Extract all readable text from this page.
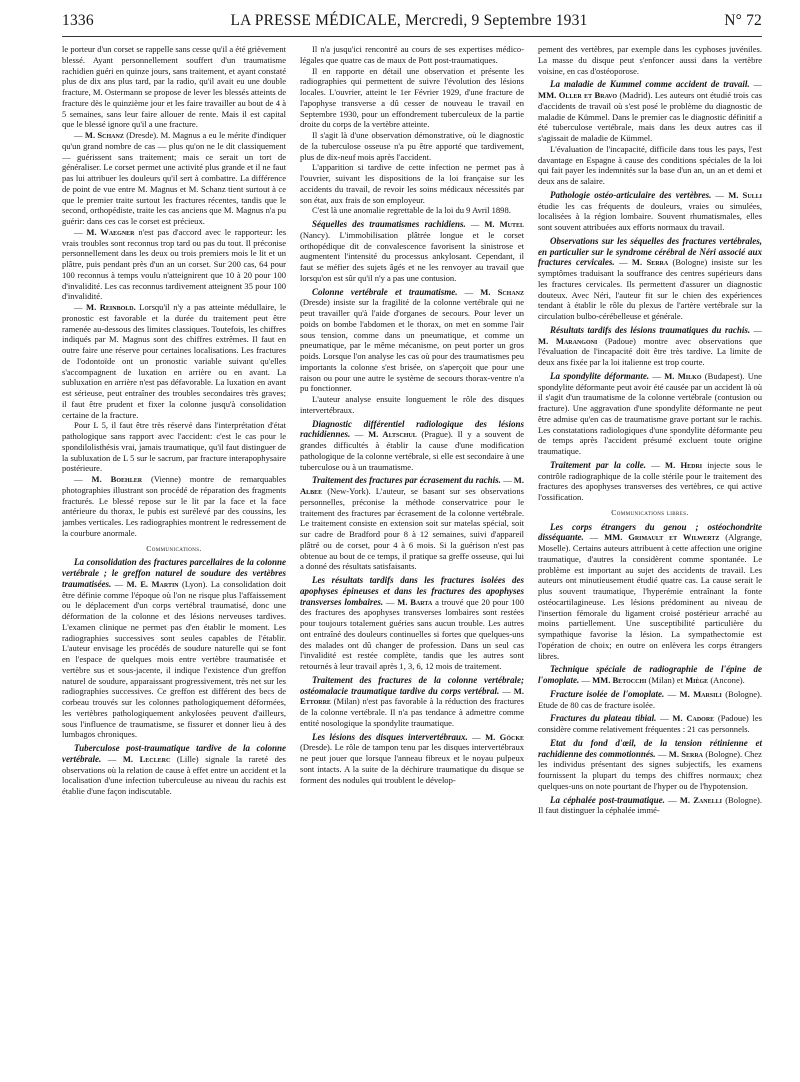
1336	LA PRESSE MÉDICALE, Mercredi, 9 Septembre 1931	N° 72

le porteur d'un corset se rappelle sans cesse qu'il a été grièvement blessé. Ayant personnellement souffert d'un traumatisme rachidien guéri en quinze jours, sans traitement, et ayant constaté plus de dix ans plus tard, par la radio, qu'il avait eu une double fracture, M. Ostermann se propose de lever les blessés atteints de fracture dès le quinzième jour et les faire travailler au bout de 4 à 5 semaines, sans leur faire allouer de rente. Mais il est capital que le blessé ignore qu'il a une fracture.

— M. Schanz (Dresde). M. Magnus a eu le mérite d'indiquer qu'un grand nombre de cas — plus qu'on ne le dit classiquement — guérissent sans traitement; mais ce serait un tort de généraliser. Le corset permet une activité plus grande et il ne faut pas lui attribuer les douleurs qu'il sert à combattre. La différence de point de vue entre M. Magnus et M. Schanz tient surtout à ce que le premier traite surtout les fractures récentes, tandis que le second, orthopédiste, traite les cas anciens que M. Magnus n'a pu guérir: dans ces cas le corset est précieux.

— M. Waegner n'est pas d'accord avec le rapporteur: les vrais troubles sont reconnus trop tard ou pas du tout. Il préconise personnellement dans les deux ou trois premiers mois le lit et un plâtre, puis pendant près d'un an un corset. Sur 200 cas, 64 pour 100 reconnus à temps voulu n'atteignirent que 10 à 20 pour 100 d'invalidité. Les cas reconnus tardivement atteignent 35 pour 100 d'invalidité.

— M. Reinbold. Lorsqu'il n'y a pas atteinte médullaire, le pronostic est favorable et la durée du traitement peut être ramenée au-dessous des limites classiques. Toutefois, les chiffres indiqués par M. Magnus sont des chiffres extrêmes. Il faut en outre faire une réserve pour certaines localisations. Les fractures de l'odontoïde ont un pronostic variable suivant qu'elles s'accompagnent de luxation en arrière ou en avant. La subluxation en arrière n'est pas défavorable. La luxation en avant est sérieuse, peut entraîner des troubles secondaires très graves; il faut être prudent et fixer la colonne jusqu'à consolidation certaine de la fracture.

Pour L 5, il faut être très réservé dans l'interprétation d'état pathologique sans rapport avec l'accident: c'est le cas pour le spondilolisthésis vrai, jamais traumatique, qu'il faut distinguer de la subluxation de L 5 sur le sacrum, par fracture interapophysaire postérieure.

— M. Boehler (Vienne) montre de remarquables photographies illustrant son procédé de réparation des fragments fracturés. Le blessé repose sur le lit par la face et la face antérieure du thorax, le pubis est surélevé par des coussins, les jambes verticales. Les radiographies montrent le redressement de la courbure anormale.

Communications.

La consolidation des fractures parcellaires de la colonne vertébrale ; le greffon naturel de soudure des vertèbres traumatisées. — M. E. Martin (Lyon). La consolidation doit être définie comme l'époque où l'on ne risque plus l'affaissement ou le déplacement d'un corps vertébral traumatisé, donc une déformation de la colonne et des lésions nerveuses tardives. L'examen clinique ne permet pas d'en établir le moment. Les radiographies successives sont seules capables de l'établir. L'auteur envisage les procédés de soudure naturelle qui se font en l'espace de quelques mois entre vertèbre traumatisée et vertèbre sus et sous-jacente, il indique l'existence d'un greffon naturel de soudure, apparaissant progressivement, très net sur les radiographies successives. Ce greffon est différent des becs de corbeau trouvés sur les colonnes pathologiquement déformées, les vertèbres pathologiquement ankylosées peuvent d'ailleurs, sous l'influence de traumatisme, se fissurer et donner lieu à des lumbagos chroniques.

Tuberculose post-traumatique tardive de la colonne vertébrale. — M. Leclerc (Lille) signale la rareté des observations où la relation de cause à effet entre un accident et la localisation d'une infection tuberculeuse au niveau du rachis est établie d'une façon indiscutable.

Il n'a jusqu'ici rencontré au cours de ses expertises médico-légales que quatre cas de maux de Pott post-traumatiques.

Il en rapporte en détail une observation et présente les radiographies qui permettent de suivre l'évolution des lésions locales. L'ouvrier, atteint le 1er Février 1929, d'une fracture de l'apophyse transverse a dû cesser de nouveau le travail en Septembre 1930, pour un effondrement tuberculeux de la partie droite du corps de la vertèbre atteinte.

Il s'agit là d'une observation démonstrative, où le diagnostic de la tuberculose osseuse n'a pu être apporté que tardivement, plus de dix-neuf mois après l'accident.

L'apparition si tardive de cette infection ne permet pas à l'ouvrier, suivant les dispositions de la loi française sur les accidents du travail, de revoir les soins médicaux nécessités par son état, aux frais de son employeur.

C'est là une anomalie regrettable de la loi du 9 Avril 1898.

Séquelles des traumatismes rachidiens. — M. Mutel (Nancy). L'immobilisation plâtrée longue et le corset orthopédique dit de convalescence favorisent la sinistrose et augmentent l'intensité du processus ankylosant. Cependant, il faut se méfier des sujets âgés et ne les renvoyer au travail que lorsqu'on est sûr qu'il n'y a pas une contusion.

Colonne vertébrale et traumatisme. — M. Schanz (Dresde) insiste sur la fragilité de la colonne vertébrale qui ne peut travailler qu'à l'aide d'organes de secours. Pour lever un poids on bombe l'abdomen et le thorax, on met en somme l'air sous tension, comme dans un pneumatique, et comme un pneumatique, par le même mécanisme, on peut porter un gros poids. Lorsque l'on analyse les cas où pour des traumatismes peu importants la colonne s'est brisée, on s'aperçoit que pour une raison ou pour une autre le système de secours thorax-ventre n'a pu fonctionner.

L'auteur analyse ensuite longuement le rôle des disques intervertébraux.

Diagnostic différentiel radiologique des lésions rachidiennes. — M. Altschul (Prague). Il y a souvent de grandes difficultés à établir la cause d'une modification pathologique de la colonne vertébrale, si elle est secondaire à une tuberculose ou à un traumatisme.

Traitement des fractures par écrasement du rachis. — M. Albee (New-York). L'auteur, se basant sur ses observations personnelles, préconise la méthode conservatrice pour le traitement des fractures par écrasement de la colonne vertébrale. Le traitement consiste en extension soit sur matelas spécial, soit sur cadre de Bradford pour 8 à 12 semaines, suivi d'appareil plâtré ou de corset, pour 4 à 6 mois. Si la guérison n'est pas obtenue au bout de ce temps, il pratique sa greffe osseuse, qui lui a donné des résultats satisfaisants.

Les résultats tardifs dans les fractures isolées des apophyses épineuses et dans les fractures des apophyses transverses lombaires. — M. Barta a trouvé que 20 pour 100 des fractures des apophyses transverses lombaires sont restées pour toujours totalement guéries sans aucun trouble. Les autres ont entraîné des douleurs continuelles si fortes que quelques-uns des malades ont dû changer de profession. Dans un seul cas l'invalidité est restée complète, tandis que les autres sont retournés à leur travail après 1, 3, 6, 12 mois de traitement.

Traitement des fractures de la colonne vertébrale; ostéomalacie traumatique tardive du corps vertébral. — M. Ettorre (Milan) n'est pas favorable à la réduction des fractures de la colonne vertébrale. Il n'a pas tendance à admettre comme entité nosologique la spondylite traumatique.

Les lésions des disques intervertébraux. — M. Göcke (Dresde). Le rôle de tampon tenu par les disques intervertébraux ne peut jouer que lorsque l'anneau fibreux et le noyau pulpeux sont intacts. A la suite de la déchirure traumatique du disque se forment des nodules qui troublent le dévelop-

pement des vertèbres, par exemple dans les cyphoses juvéniles. La masse du disque peut s'enfoncer aussi dans la vertèbre voisine, en cas d'ostéoporose.

La maladie de Kummel comme accident de travail. — MM. Oller et Bravo (Madrid). Les auteurs ont étudié trois cas d'accidents de travail où s'est posé le problème du diagnostic de maladie de Kümmel. Dans le premier cas le diagnostic définitif a été tuberculose vertébrale, mais dans les deux autres cas il s'agissait de maladie de Kümmel.

L'évaluation de l'incapacité, difficile dans tous les pays, l'est davantage en Espagne à cause des conditions spéciales de la loi qui fait payer les indemnités sur la base d'un an, un an et demi et deux ans de salaire.

Pathologie ostéo-articulaire des vertèbres. — M. Sulli étudie les cas fréquents de douleurs, vraies ou simulées, localisées à la région lombaire. Souvent rhumatismales, elles sont souvent attribuées aux efforts normaux du travail.

Observations sur les séquelles des fractures vertébrales, en particulier sur le syndrome cérébral de Néri associé aux fractures cervicales. — M. Serra (Bologne) insiste sur les symptômes traduisant la souffrance des centres supérieurs dans les fractures cervicales. Ils permettent d'assurer un diagnostic douteux. Avec Néri, l'auteur fit sur le chien des expériences tendant à établir le rôle du plexus de l'artère vertébrale sur la circulation bulbo-cérébelleuse et générale.

Résultats tardifs des lésions traumatiques du rachis. — M. Marangoni (Padoue) montre avec observations que l'évaluation de l'incapacité doit être très tardive. La limite de deux ans fixée par la loi italienne est trop courte.

La spondylite déformante. — M. Milko (Budapest). Une spondylite déformante peut avoir été causée par un accident là où il s'agit d'un traumatisme de la colonne vertébrale (contusion ou fracture). Une aggravation d'une spondylite déformante ne peut être admise qu'en cas de traumatisme grave portant sur le rachis. Les constatations radiologiques d'une spondylite déformante peu de temps après l'accident présumé excluent toute origine traumatique.

Traitement par la colle. — M. Hedri injecte sous le contrôle radiographique de la colle stérile pour le traitement des fractures des apophyses transverses des vertèbres, ce qui active l'ossification.

Communications libres.

Les corps étrangers du genou ; ostéochondrite disséquante. — MM. Grimault et Wilwertz (Algrange, Moselle). Certains auteurs attribuent à cette affection une origine traumatique, d'autres la considèrent comme spontanée. Le problème est important au sujet des accidents de travail. Les auteurs ont minutieusement étudié quatre cas. La cause serait le plus souvent traumatique, l'hyperémie entraînant la fonte ostéocartilagineuse. Les lésions prédominent au niveau de l'insertion fémorale du ligament croisé postérieur arraché au moins partiellement. Une susceptibilité particulière du sympathique favorise la lésion. La sympathectomie est l'opération de choix; en outre on enlèvera les corps étrangers libres.

Technique spéciale de radiographie de l'épine de l'omoplate. — MM. Betocchi (Milan) et Miège (Ancone).

Fracture isolée de l'omoplate. — M. Marsili (Bologne). Etude de 80 cas de fracture isolée.

Fractures du plateau tibial. — M. Cadore (Padoue) les considère comme relativement fréquentes : 21 cas personnels.

Etat du fond d'œil, de la tension rétinienne et rachidienne des commotionnés. — M. Serra (Bologne). Chez les individus présentant des signes subjectifs, les examens fournissent la plupart du temps des chiffres normaux; chez quelques-uns on note pourtant de l'hyper ou de l'hypotension.

La céphalée post-traumatique. — M. Zanelli (Bologne). Il faut distinguer la céphalée immé-
